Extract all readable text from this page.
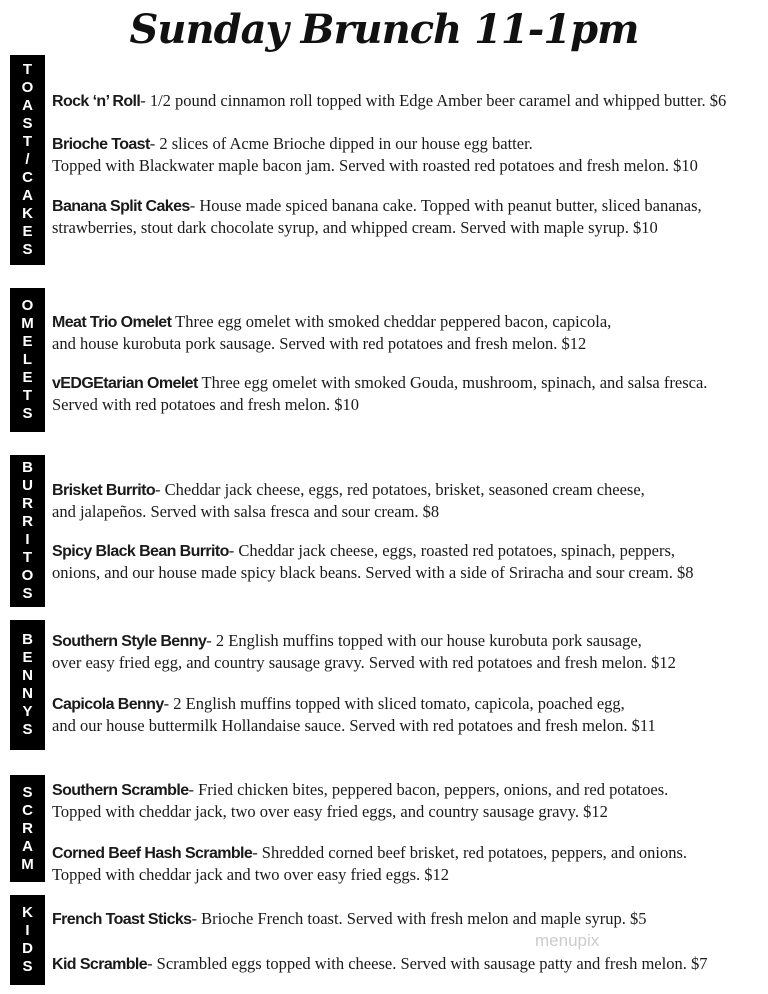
Sunday Brunch 11-1pm
TOAST/CAKES	Rock ‘n’ Roll- 1/2 pound cinnamon roll topped with Edge Amber beer caramel and whipped butter. $6
Brioche Toast- 2 slices of Acme Brioche dipped in our house egg batter.
Topped with Blackwater maple bacon jam. Served with roasted red potatoes and fresh melon. $10
Banana Split Cakes- House made spiced banana cake. Topped with peanut butter, sliced bananas,
strawberries, stout dark chocolate syrup, and whipped cream. Served with maple syrup. $10
OMELETS	Meat Trio Omelet Three egg omelet with smoked cheddar peppered bacon, capicola,
and house kurobuta pork sausage. Served with red potatoes and fresh melon. $12
vEDGEtarian Omelet Three egg omelet with smoked Gouda, mushroom, spinach, and salsa fresca.
Served with red potatoes and fresh melon. $10
BURRITOS	Brisket Burrito- Cheddar jack cheese, eggs, red potatoes, brisket, seasoned cream cheese,
and jalapeños. Served with salsa fresca and sour cream. $8
Spicy Black Bean Burrito- Cheddar jack cheese, eggs, roasted red potatoes, spinach, peppers,
onions, and our house made spicy black beans. Served with a side of Sriracha and sour cream. $8
BENNYS	Southern Style Benny- 2 English muffins topped with our house kurobuta pork sausage,
over easy fried egg, and country sausage gravy. Served with red potatoes and fresh melon. $12
Capicola Benny- 2 English muffins topped with sliced tomato, capicola, poached egg,
and our house buttermilk Hollandaise sauce. Served with red potatoes and fresh melon. $11
SCRAM	Southern Scramble- Fried chicken bites, peppered bacon, peppers, onions, and red potatoes.
Topped with cheddar jack, two over easy fried eggs, and country sausage gravy. $12
Corned Beef Hash Scramble- Shredded corned beef brisket, red potatoes, peppers, and onions.
Topped with cheddar jack and two over easy fried eggs. $12
KIDS	French Toast Sticks- Brioche French toast. Served with fresh melon and maple syrup. $5
Kid Scramble- Scrambled eggs topped with cheese. Served with sausage patty and fresh melon. $7
menupix
